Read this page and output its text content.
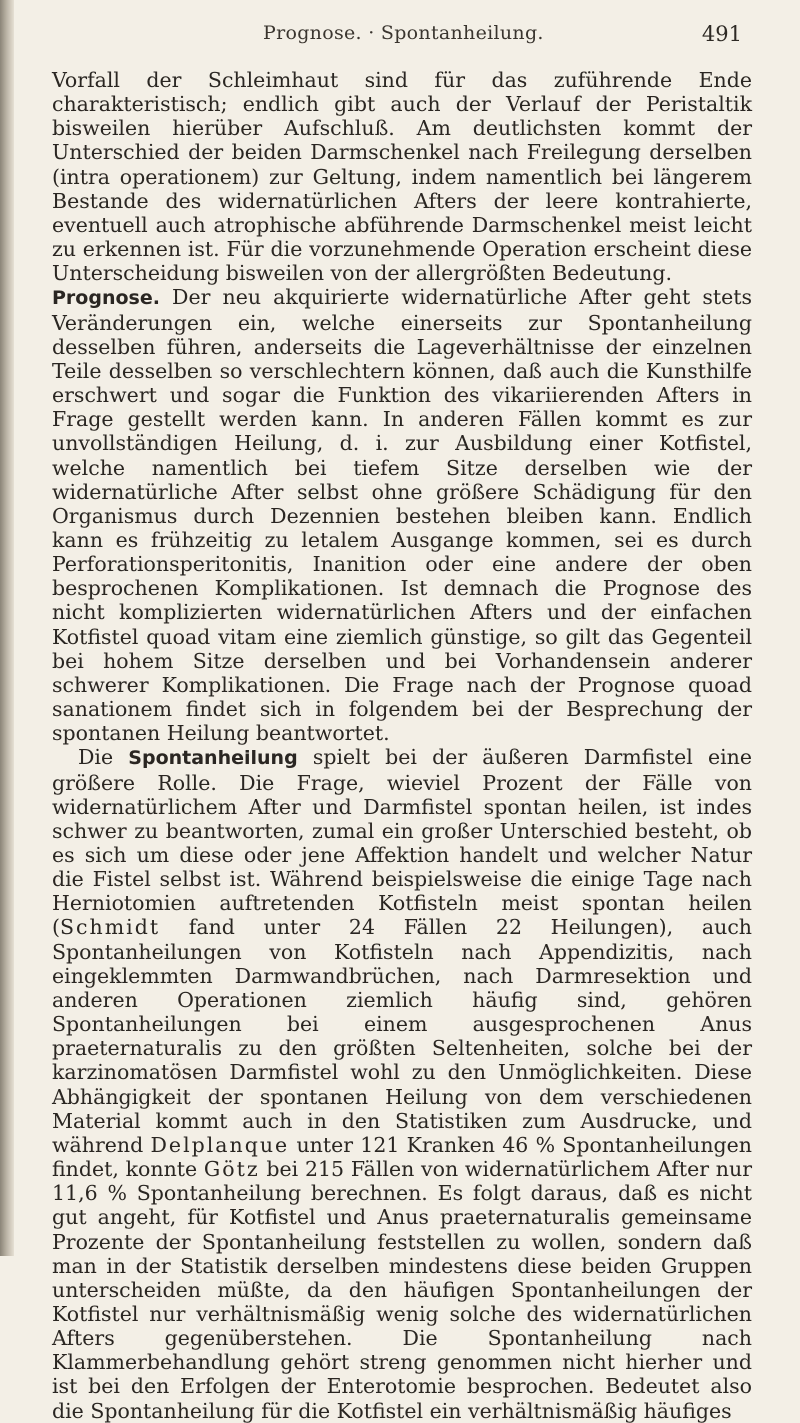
Prognose. · Spontanheilung.	491

Vorfall der Schleimhaut sind für das zuführende Ende charakteristisch; endlich gibt auch der Verlauf der Peristaltik bisweilen hierüber Aufschluß. Am deutlichsten kommt der Unterschied der beiden Darmschenkel nach Freilegung derselben (intra operationem) zur Geltung, indem namentlich bei längerem Bestande des widernatürlichen Afters der leere kontrahierte, eventuell auch atrophische abführende Darmschenkel meist leicht zu erkennen ist. Für die vorzunehmende Operation erscheint diese Unterscheidung bisweilen von der allergrößten Bedeutung.

Prognose. Der neu akquirierte widernatürliche After geht stets Veränderungen ein, welche einerseits zur Spontanheilung desselben führen, anderseits die Lageverhältnisse der einzelnen Teile desselben so verschlechtern können, daß auch die Kunsthilfe erschwert und sogar die Funktion des vikariierenden Afters in Frage gestellt werden kann. In anderen Fällen kommt es zur unvollständigen Heilung, d. i. zur Ausbildung einer Kotfistel, welche namentlich bei tiefem Sitze derselben wie der widernatürliche After selbst ohne größere Schädigung für den Organismus durch Dezennien bestehen bleiben kann. Endlich kann es frühzeitig zu letalem Ausgange kommen, sei es durch Perforationsperitonitis, Inanition oder eine andere der oben besprochenen Komplikationen. Ist demnach die Prognose des nicht komplizierten widernatürlichen Afters und der einfachen Kotfistel quoad vitam eine ziemlich günstige, so gilt das Gegenteil bei hohem Sitze derselben und bei Vorhandensein anderer schwerer Komplikationen. Die Frage nach der Prognose quoad sanationem findet sich in folgendem bei der Besprechung der spontanen Heilung beantwortet.

Die Spontanheilung spielt bei der äußeren Darmfistel eine größere Rolle. Die Frage, wieviel Prozent der Fälle von widernatürlichem After und Darmfistel spontan heilen, ist indes schwer zu beantworten, zumal ein großer Unterschied besteht, ob es sich um diese oder jene Affektion handelt und welcher Natur die Fistel selbst ist. Während beispielsweise die einige Tage nach Herniotomien auftretenden Kotfisteln meist spontan heilen (Schmidt fand unter 24 Fällen 22 Heilungen), auch Spontanheilungen von Kotfisteln nach Appendizitis, nach eingeklemmten Darmwandbrüchen, nach Darmresektion und anderen Operationen ziemlich häufig sind, gehören Spontanheilungen bei einem ausgesprochenen Anus praeternaturalis zu den größten Seltenheiten, solche bei der karzinomatösen Darmfistel wohl zu den Unmöglichkeiten. Diese Abhängigkeit der spontanen Heilung von dem verschiedenen Material kommt auch in den Statistiken zum Ausdrucke, und während Delplanque unter 121 Kranken 46 % Spontanheilungen findet, konnte Götz bei 215 Fällen von widernatürlichem After nur 11,6 % Spontanheilung berechnen. Es folgt daraus, daß es nicht gut angeht, für Kotfistel und Anus praeternaturalis gemeinsame Prozente der Spontanheilung feststellen zu wollen, sondern daß man in der Statistik derselben mindestens diese beiden Gruppen unterscheiden müßte, da den häufigen Spontanheilungen der Kotfistel nur verhältnismäßig wenig solche des widernatürlichen Afters gegenüberstehen. Die Spontanheilung nach Klammerbehandlung gehört streng genommen nicht hierher und ist bei den Erfolgen der Enterotomie besprochen. Bedeutet also die Spontanheilung für die Kotfistel ein verhältnismäßig häufiges
